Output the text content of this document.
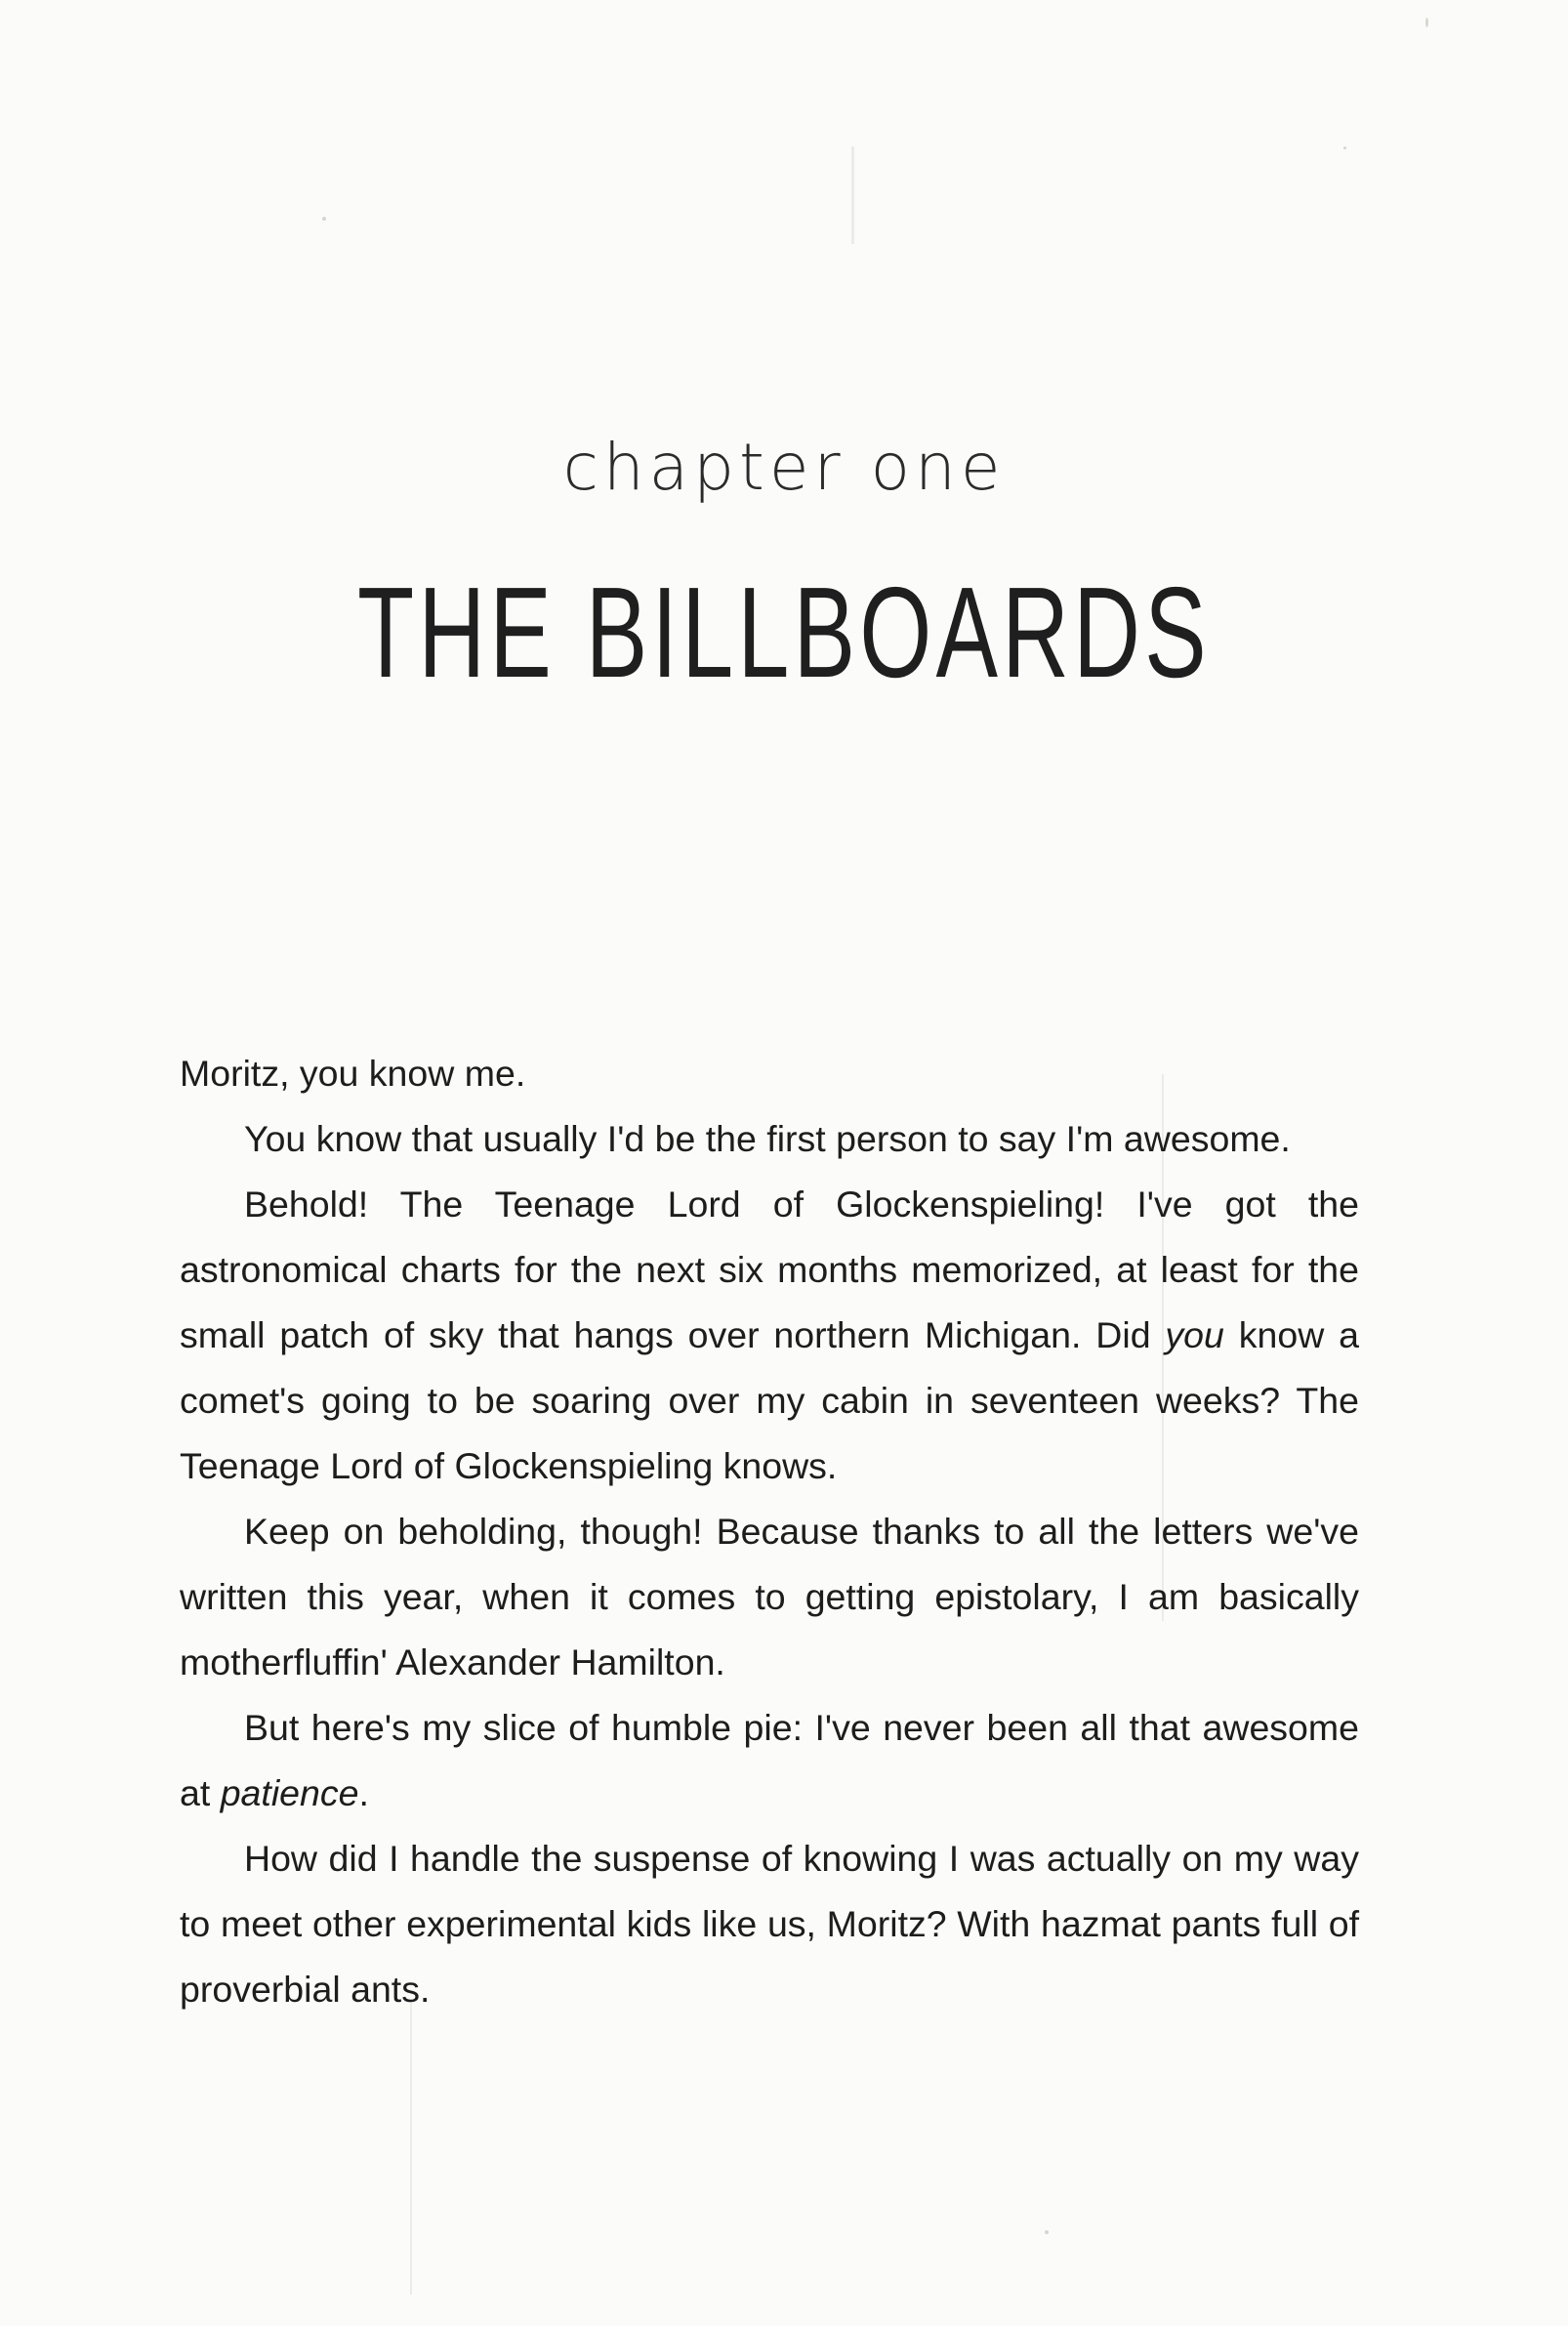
chapter one
THE BILLBOARDS

Moritz, you know me.

You know that usually I'd be the first person to say I'm awesome.

Behold! The Teenage Lord of Glockenspieling! I've got the astronomical charts for the next six months memorized, at least for the small patch of sky that hangs over northern Michigan. Did you know a comet's going to be soaring over my cabin in seventeen weeks? The Teenage Lord of Glockenspieling knows.

Keep on beholding, though! Because thanks to all the letters we've written this year, when it comes to getting epistolary, I am basically motherfluffin' Alexander Hamilton.

But here's my slice of humble pie: I've never been all that awesome at patience.

How did I handle the suspense of knowing I was actually on my way to meet other experimental kids like us, Moritz? With hazmat pants full of proverbial ants.
